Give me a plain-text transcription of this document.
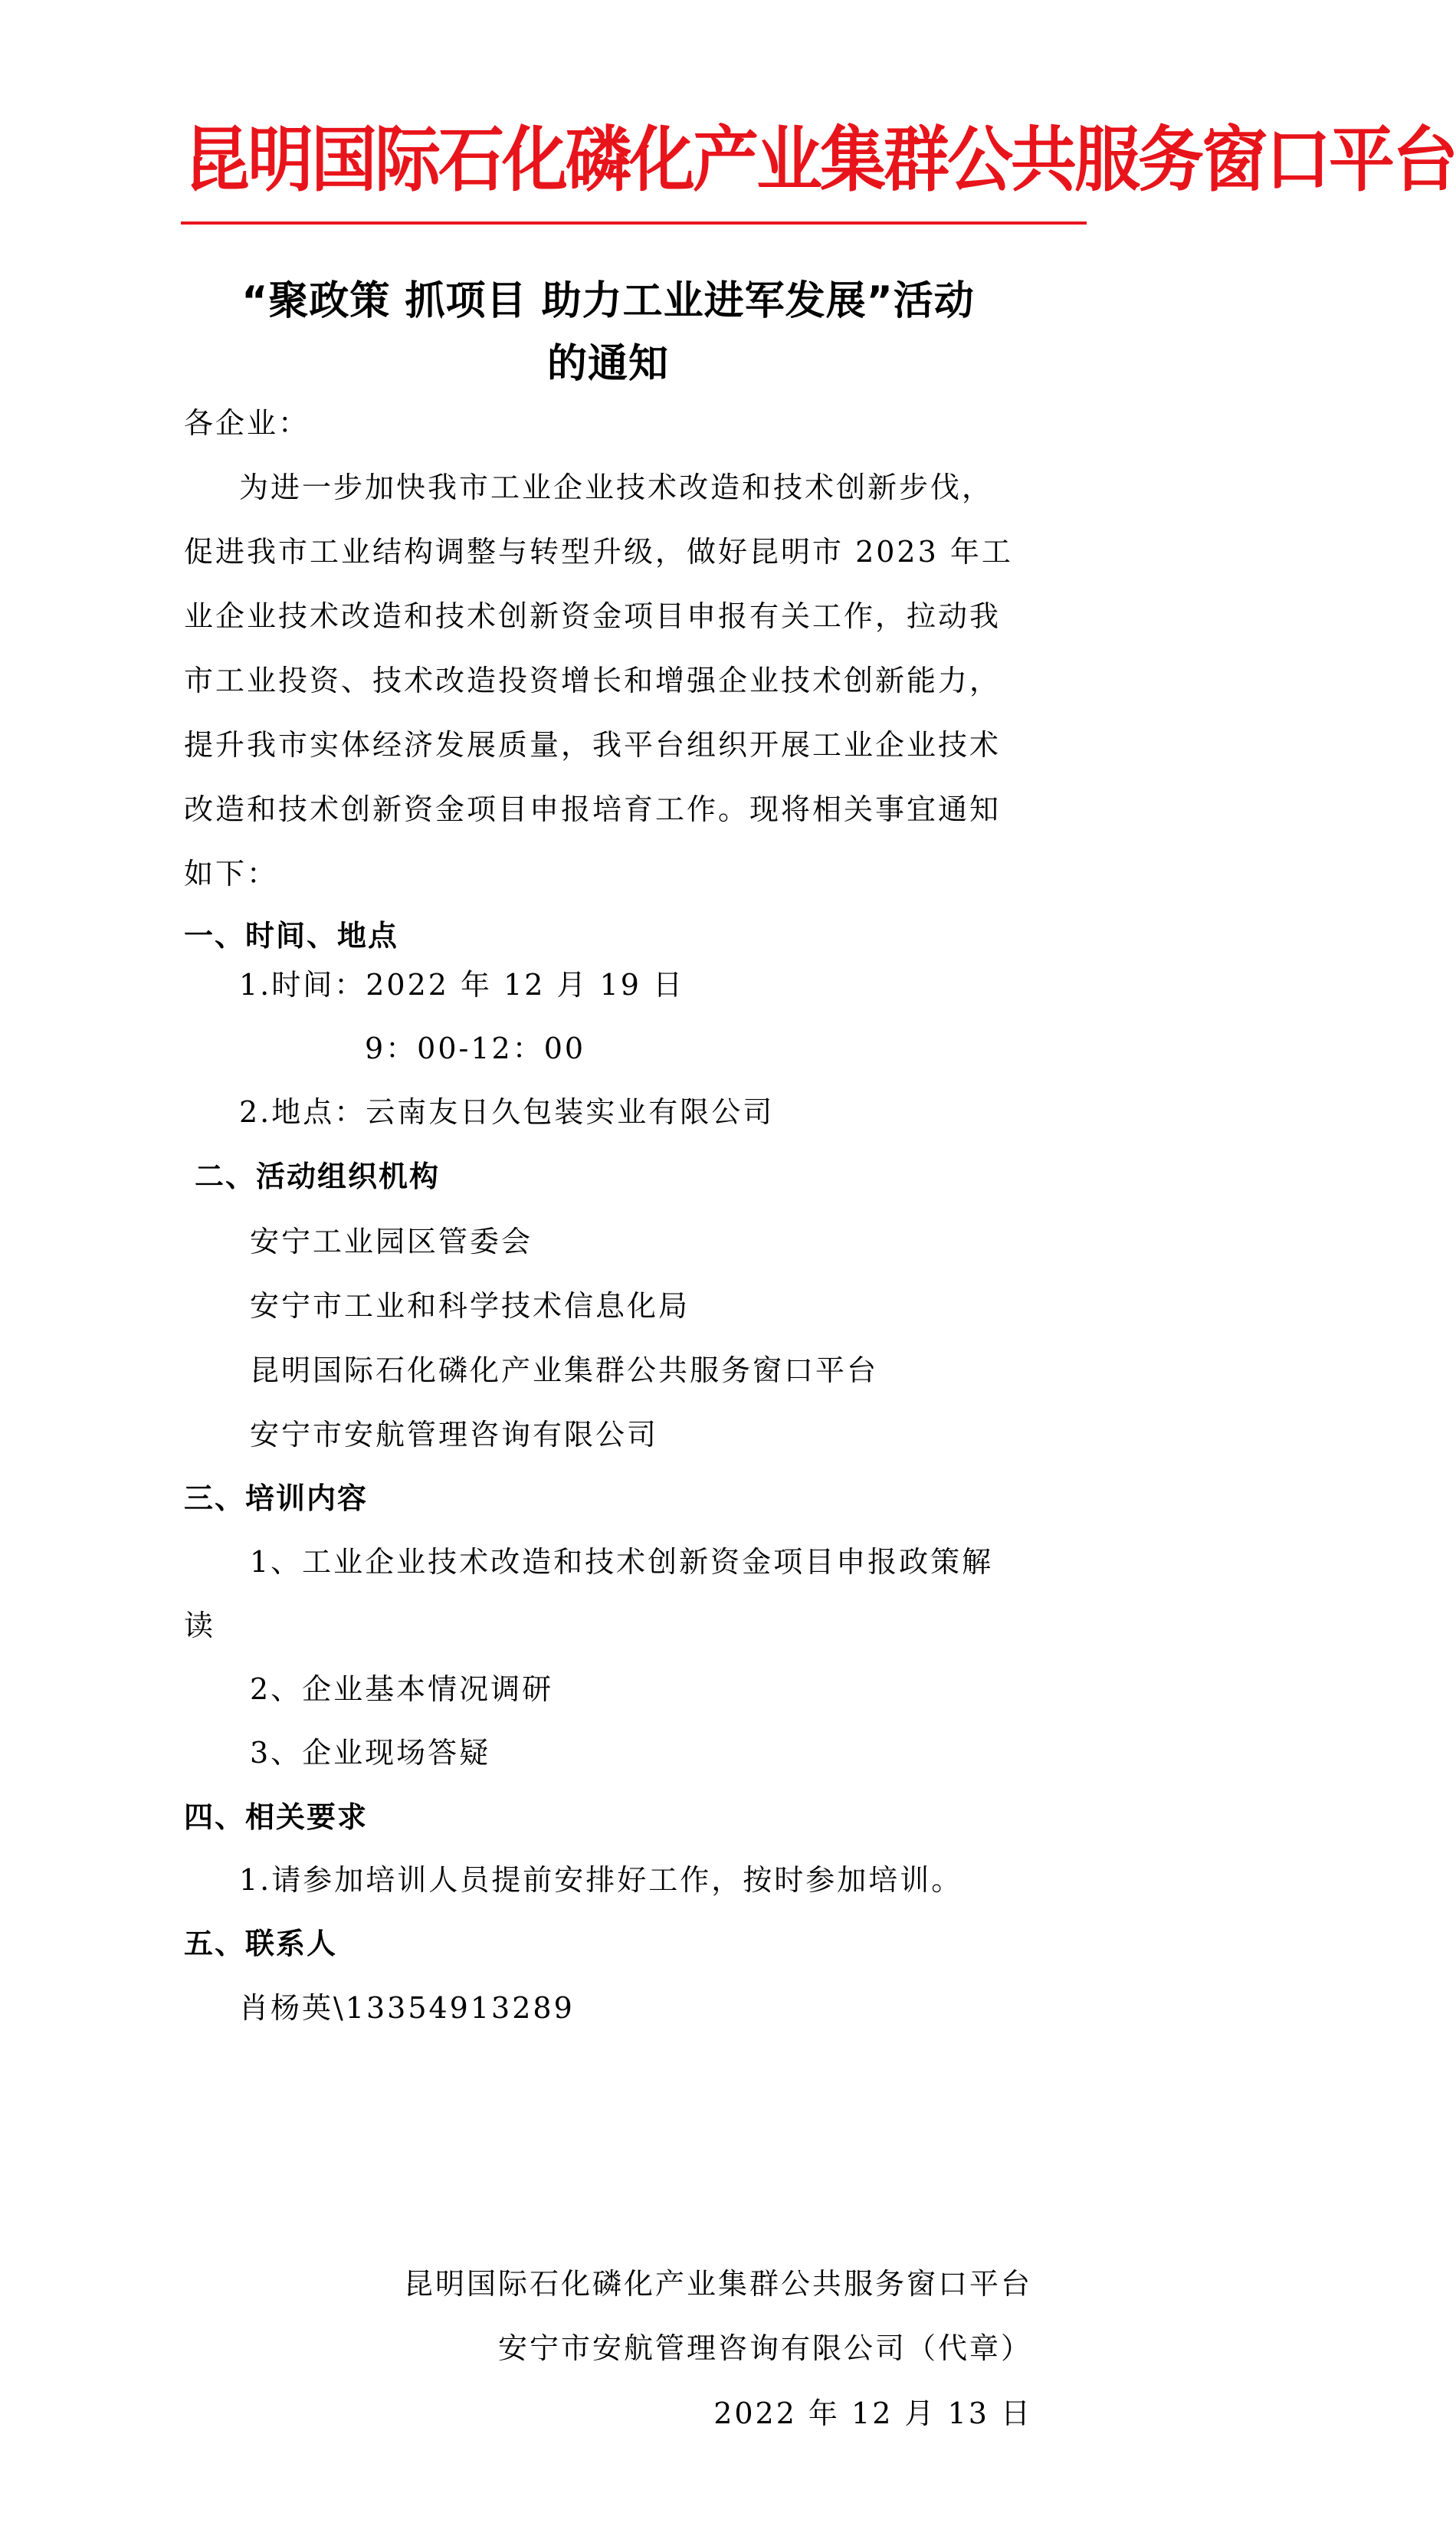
昆明国际石化磷化产业集群公共服务窗口平台
“聚政策 抓项目 助力工业进军发展”活动
的通知
各企业：
为进一步加快我市工业企业技术改造和技术创新步伐，
促进我市工业结构调整与转型升级，做好昆明市 2023 年工
业企业技术改造和技术创新资金项目申报有关工作，拉动我
市工业投资、技术改造投资增长和增强企业技术创新能力，
提升我市实体经济发展质量，我平台组织开展工业企业技术
改造和技术创新资金项目申报培育工作。现将相关事宜通知
如下：
一、时间、地点
1.时间：2022 年 12 月 19 日
9：00-12：00
2.地点：云南友日久包装实业有限公司
二、活动组织机构
安宁工业园区管委会
安宁市工业和科学技术信息化局
昆明国际石化磷化产业集群公共服务窗口平台
安宁市安航管理咨询有限公司
三、培训内容
1、工业企业技术改造和技术创新资金项目申报政策解
读
2、企业基本情况调研
3、企业现场答疑
四、相关要求
1.请参加培训人员提前安排好工作，按时参加培训。
五、联系人
肖杨英\13354913289
昆明国际石化磷化产业集群公共服务窗口平台
安宁市安航管理咨询有限公司（代章）
2022 年 12 月 13 日
